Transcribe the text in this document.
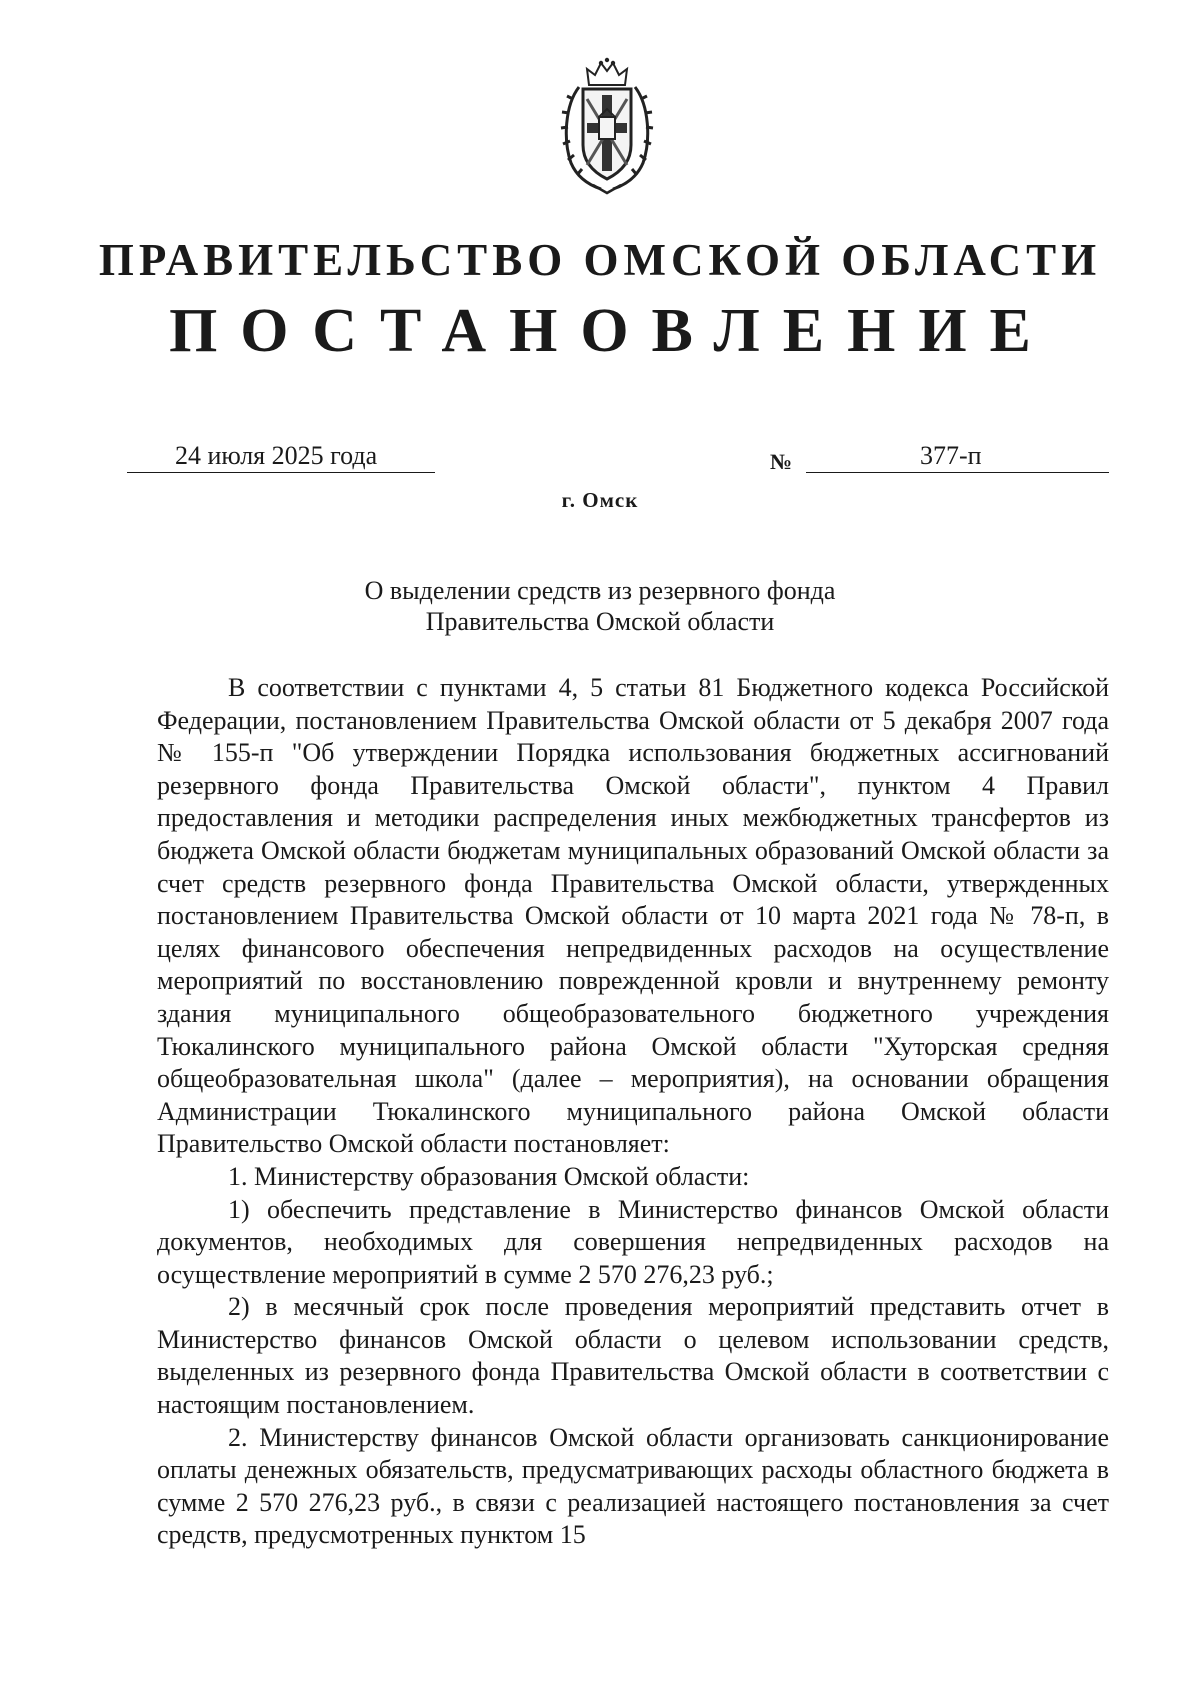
ПРАВИТЕЛЬСТВО ОМСКОЙ ОБЛАСТИ
ПОСТАНОВЛЕНИЕ
24 июля 2025 года	№	377-п
г. Омск
О выделении средств из резервного фонда
Правительства Омской области

В соответствии с пунктами 4, 5 статьи 81 Бюджетного кодекса Российской Федерации, постановлением Правительства Омской области от 5 декабря 2007 года № 155-п "Об утверждении Порядка использования бюджетных ассигнований резервного фонда Правительства Омской области", пунктом 4 Правил предоставления и методики распределения иных межбюджетных трансфертов из бюджета Омской области бюджетам муниципальных образований Омской области за счет средств резервного фонда Правительства Омской области, утвержденных постановлением Правительства Омской области от 10 марта 2021 года № 78-п, в целях финансового обеспечения непредвиденных расходов на осуществление мероприятий по восстановлению поврежденной кровли и внутреннему ремонту здания муниципального общеобразовательного бюджетного учреждения Тюкалинского муниципального района Омской области "Хуторская средняя общеобразовательная школа" (далее – мероприятия), на основании обращения Администрации Тюкалинского муниципального района Омской области Правительство Омской области постановляет:

1. Министерству образования Омской области:

1) обеспечить представление в Министерство финансов Омской области документов, необходимых для совершения непредвиденных расходов на осуществление мероприятий в сумме 2 570 276,23 руб.;

2) в месячный срок после проведения мероприятий представить отчет в Министерство финансов Омской области о целевом использовании средств, выделенных из резервного фонда Правительства Омской области в соответствии с настоящим постановлением.

2. Министерству финансов Омской области организовать санкционирование оплаты денежных обязательств, предусматривающих расходы областного бюджета в сумме 2 570 276,23 руб., в связи с реализацией настоящего постановления за счет средств, предусмотренных пунктом 15
